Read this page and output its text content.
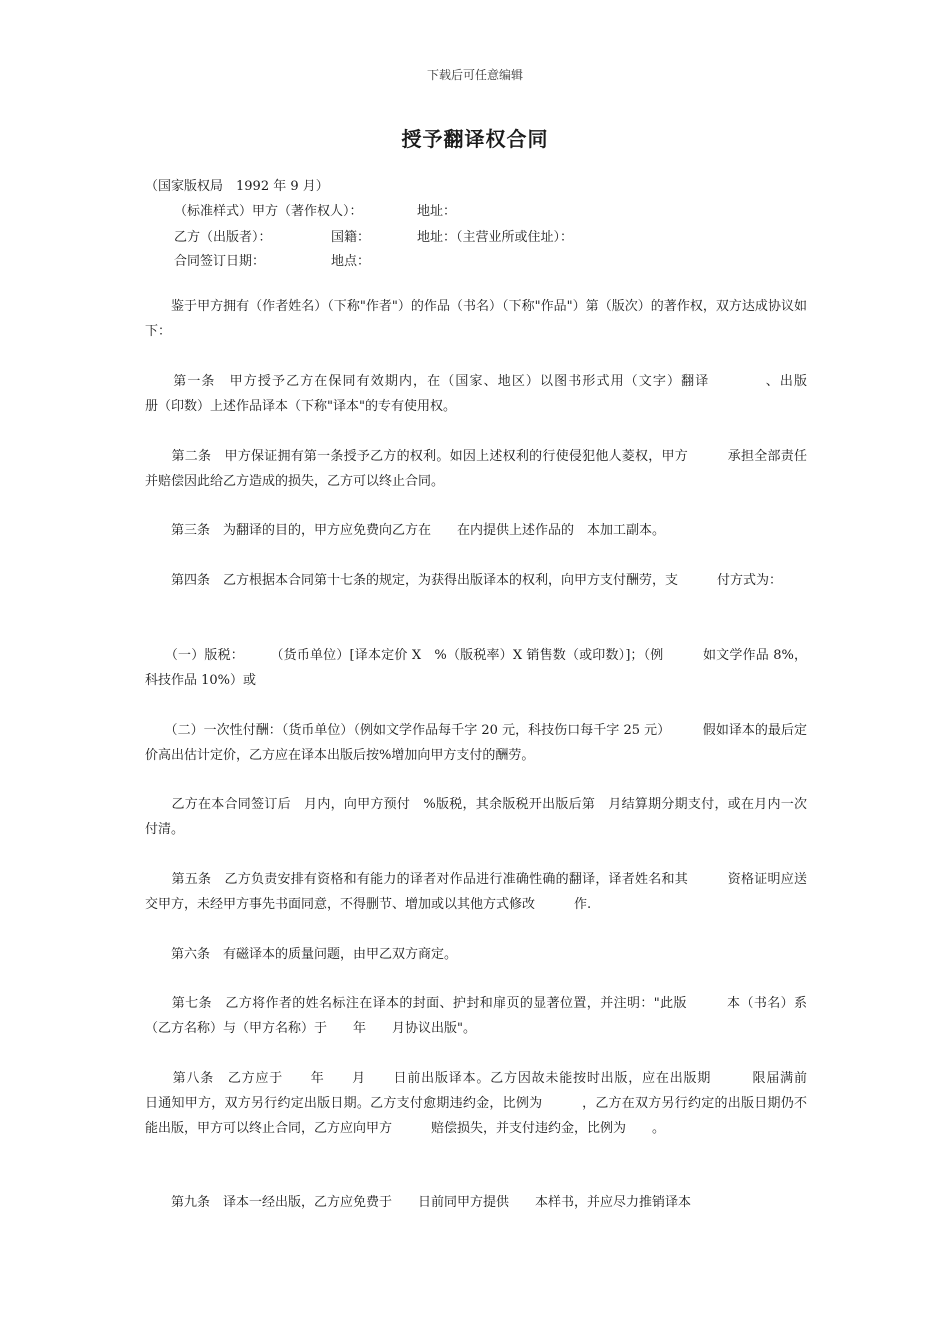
下载后可任意编辑
授予翻译权合同
（国家版权局　1992 年 9 月）
（标准样式）甲方（著作权人）：	地址：
乙方（出版者）：	国籍：	地址：（主营业所或住址）：
合同签订日期：	地点：
　　鉴于甲方拥有（作者姓名）（下称"作者"）的作品（书名）（下称"作品"）第（版次）的著作权，双方达成协议如下：
　　第一条　甲方授予乙方在保同有效期内，在（国家、地区）以图书形式用（文字）翻译　　　　、出版　　　册（印数）上述作品译本（下称"译本"的专有使用权。
　　第二条　甲方保证拥有第一条授予乙方的权利。如因上述权利的行使侵犯他人菱权，甲方　　　承担全部责任并赔偿因此给乙方造成的损失，乙方可以终止合同。
　　第三条　为翻译的目的，甲方应免费向乙方在　　在内提供上述作品的　本加工副本。
　　第四条　乙方根据本合同第十七条的规定，为获得出版译本的权利，向甲方支付酬劳，支　　　付方式为：
　　（一）版税：　　　（货币单位）[译本定价 X　%（版税率）X 销售数（或印数）]；（例　　　如文学作品 8%，科技作品 10%）或
　　（二）一次性付酬：（货币单位）（例如文学作品每千字 20 元，科技伤口每千字 25 元）　　　假如译本的最后定价高出估计定价，乙方应在译本出版后按%增加向甲方支付的酬劳。
　　乙方在本合同签订后　月内，向甲方预付　%版税，其余版税开出版后第　月结算期分期支付，或在月内一次付清。
　　第五条　乙方负责安排有资格和有能力的译者对作品进行准确性确的翻译，译者姓名和其　　　资格证明应送交甲方，未经甲方事先书面同意，不得删节、增加或以其他方式修改　　　作.
　　第六条　有磁译本的质量问题，由甲乙双方商定。
　　第七条　乙方将作者的姓名标注在译本的封面、护封和扉页的显著位置，并注明："此版　　　本（书名）系（乙方名称）与（甲方名称）于　　年　　月协议出版"。
　　第八条　乙方应于　　年　　月　　日前出版译本。乙方因故未能按时出版，应在出版期　　　限届满前　　日通知甲方，双方另行约定出版日期。乙方支付愈期违约金，比例为　　　，乙方在双方另行约定的出版日期仍不能出版，甲方可以终止合同，乙方应向甲方　　　赔偿损失，并支付违约金，比例为　　。
　　第九条　译本一经出版，乙方应免费于　　日前同甲方提供　　本样书，并应尽力推销译本
